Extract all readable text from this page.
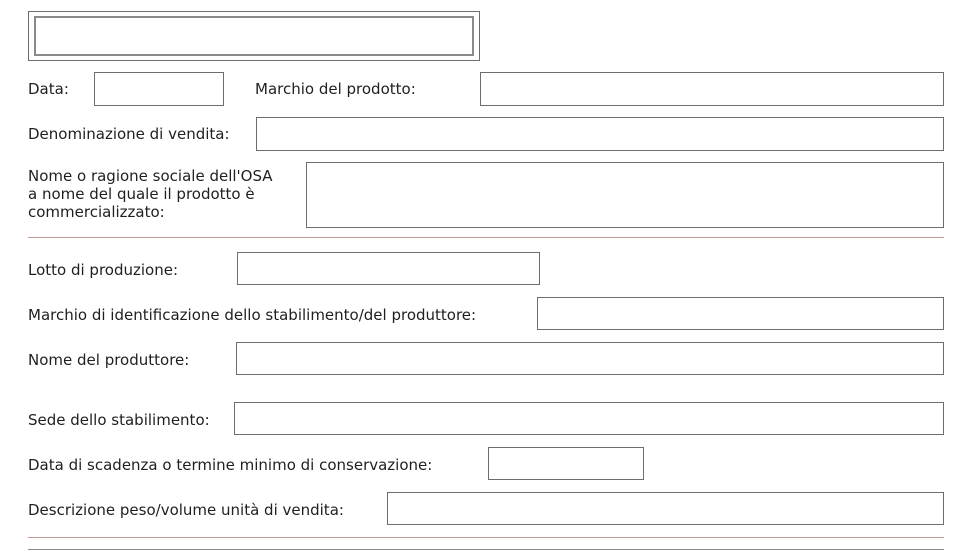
Data:	Marchio del prodotto:
Denominazione di vendita:
Nome o ragione sociale dell'OSA
a nome del quale il prodotto è
commercializzato:
Lotto di produzione:
Marchio di identificazione dello stabilimento/del produttore:
Nome del produttore:
Sede dello stabilimento:
Data di scadenza o termine minimo di conservazione:
Descrizione peso/volume unità di vendita:
